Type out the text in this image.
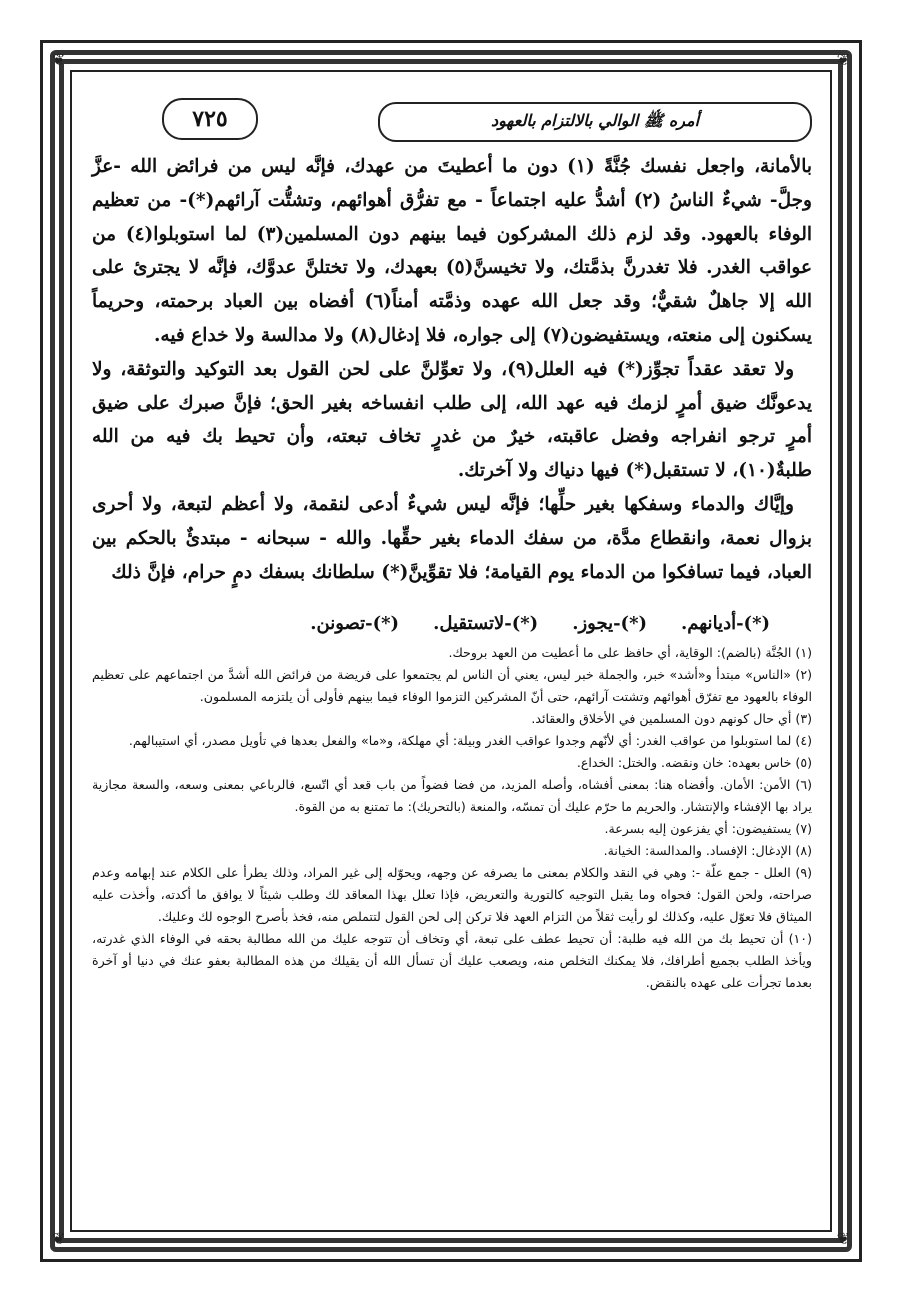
❦	❦
❦	❦
أمره ﷺ الوالي بالالتزام بالعهود
٧٢٥

بالأمانة، واجعل نفسك جُنَّةً (١) دون ما أعطيتَ من عهدك، فإنَّه ليس من فرائض الله -عزَّ وجلَّ- شيءٌ الناسُ (٢) أشدُّ عليه اجتماعاً - مع تفرُّق أهوائهم، وتشتُّت آرائهم(*)- من تعظيم الوفاء بالعهود. وقد لزم ذلك المشركون فيما بينهم دون المسلمين(٣) لما استوبلوا(٤) من عواقب الغدر. فلا تغدرنَّ بذمَّتك، ولا تخيسنَّ(٥) بعهدك، ولا تختلنَّ عدوَّك، فإنَّه لا يجترئ على الله إلا جاهلٌ شقيٌّ؛ وقد جعل الله عهده وذمَّته أمناً(٦) أفضاه بين العباد برحمته، وحريماً يسكنون إلى منعته، ويستفيضون(٧) إلى جواره، فلا إدغال(٨) ولا مدالسة ولا خداع فيه.

ولا تعقد عقداً تجوِّز(*) فيه العلل(٩)، ولا تعوِّلنَّ على لحن القول بعد التوكيد والتوثقة، ولا يدعونَّك ضيق أمرٍ لزمك فيه عهد الله، إلى طلب انفساخه بغير الحق؛ فإنَّ صبرك على ضيق أمرٍ ترجو انفراجه وفضل عاقبته، خيرٌ من غدرٍ تخاف تبعته، وأن تحيط بك فيه من الله طلبةٌ(١٠)، لا تستقبل(*) فيها دنياك ولا آخرتك.

وإيَّاك والدماء وسفكها بغير حلِّها؛ فإنَّه ليس شيءٌ أدعى لنقمة، ولا أعظم لتبعة، ولا أحرى بزوال نعمة، وانقطاع مدَّة، من سفك الدماء بغير حقِّها. والله - سبحانه - مبتدئٌ بالحكم بين العباد، فيما تسافكوا من الدماء يوم القيامة؛ فلا تقوِّينَّ(*) سلطانك بسفك دمٍ حرام، فإنَّ ذلك

(*)-أديانهم.
(*)-يجوز.
(*)-لاتستقيل.
(*)-تصونن.

(١) الجُنَّة (بالضم): الوقاية، أي حافظ على ما أعطيت من العهد بروحك.

(٢) «الناس» مبتدأ و«أشد» خبر، والجملة خبر ليس، يعني أن الناس لم يجتمعوا على فريضة من فرائض الله أشدَّ من اجتماعهم على تعظيم الوفاء بالعهود مع تفرّق أهوائهم وتشتت آرائهم، حتى أنّ المشركين التزموا الوفاء فيما بينهم فأولى أن يلتزمه المسلمون.

(٣) أي حال كونهم دون المسلمين في الأخلاق والعقائد.

(٤) لما استوبلوا من عواقب الغدر: أي لأنّهم وجدوا عواقب الغدر وبيلة: أي مهلكة، و«ما» والفعل بعدها في تأويل مصدر، أي استيبالهم.

(٥) خاس بعهده: خان ونقضه. والختل: الخداع.

(٦) الأمن: الأمان. وأفضاه هنا: بمعنى أفشاه، وأصله المزيد، من فضا فضواً من باب قعد أي اتّسع، فالرباعي بمعنى وسعه، والسعة مجازية يراد بها الإفشاء والإنتشار. والحريم ما حرّم عليك أن تمسّه، والمنعة (بالتحريك): ما تمتنع به من القوة.

(٧) يستفيضون: أي يفزعون إليه بسرعة.

(٨) الإدغال: الإفساد. والمدالسة: الخيانة.

(٩) العلل - جمع علّة -: وهي في النقد والكلام بمعنى ما يصرفه عن وجهه، ويحوّله إلى غير المراد، وذلك يطرأ على الكلام عند إبهامه وعدم صراحته، ولحن القول: فحواه وما يقبل التوجيه كالتورية والتعريض، فإذا تعلل بهذا المعاقد لك وطلب شيئاً لا يوافق ما أكدته، وأخذت عليه الميثاق فلا تعوّل عليه، وكذلك لو رأيت ثقلاً من التزام العهد فلا تركن إلى لحن القول لتتملص منه، فخذ بأصرح الوجوه لك وعليك.

(١٠) أن تحيط بك من الله فيه طلبة: أن تحيط عطف على تبعة، أي وتخاف أن تتوجه عليك من الله مطالبة بحقه في الوفاء الذي غدرته، ويأخذ الطلب بجميع أطرافك، فلا يمكنك التخلص منه، ويصعب عليك أن تسأل الله أن يقيلك من هذه المطالبة بعفو عنك في دنيا أو آخرة بعدما تجرأت على عهده بالنقض.
